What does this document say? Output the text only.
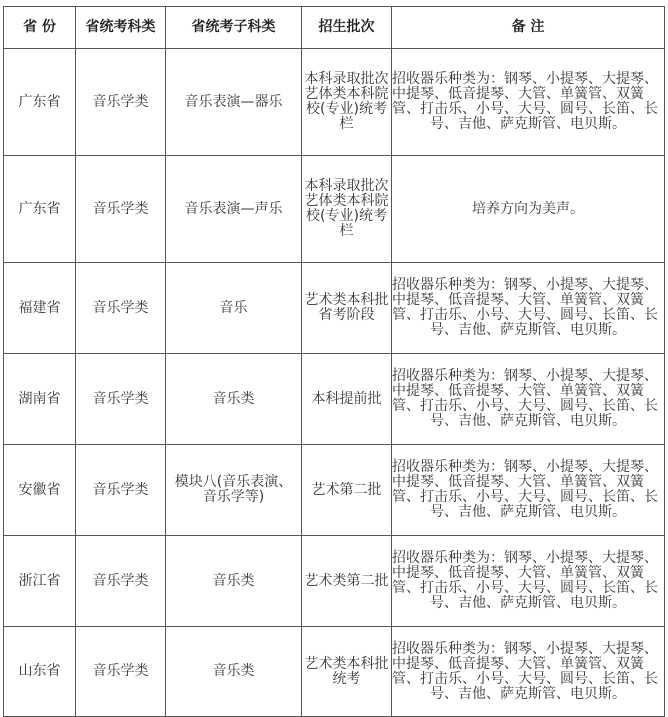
省 份	省统考科类	省统考子科类	招生批次	备 注
广东省	音乐学类	音乐表演—器乐	本科录取批次艺体类本科院校(专业)统考栏	招收器乐种类为：钢琴、小提琴、大提琴、中提琴、低音提琴、大管、单簧管、双簧管、打击乐、小号、大号、圆号、长笛、长号、吉他、萨克斯管、电贝斯。

广东省	音乐学类	音乐表演—声乐	本科录取批次艺体类本科院校(专业)统考栏	培养方向为美声。
福建省	音乐学类	音乐	艺术类本科批省考阶段	招收器乐种类为：钢琴、小提琴、大提琴、中提琴、低音提琴、大管、单簧管、双簧管、打击乐、小号、大号、圆号、长笛、长号、吉他、萨克斯管、电贝斯。

湖南省	音乐学类	音乐类	本科提前批	招收器乐种类为：钢琴、小提琴、大提琴、中提琴、低音提琴、大管、单簧管、双簧管、打击乐、小号、大号、圆号、长笛、长号、吉他、萨克斯管、电贝斯。

安徽省	音乐学类	模块八(音乐表演、音乐学等)	艺术第二批	招收器乐种类为：钢琴、小提琴、大提琴、中提琴、低音提琴、大管、单簧管、双簧管、打击乐、小号、大号、圆号、长笛、长号、吉他、萨克斯管、电贝斯。

浙江省	音乐学类	音乐类	艺术类第二批	招收器乐种类为：钢琴、小提琴、大提琴、中提琴、低音提琴、大管、单簧管、双簧管、打击乐、小号、大号、圆号、长笛、长号、吉他、萨克斯管、电贝斯。

山东省	音乐学类	音乐类	艺术类本科批统考	招收器乐种类为：钢琴、小提琴、大提琴、中提琴、低音提琴、大管、单簧管、双簧管、打击乐、小号、大号、圆号、长笛、长号、吉他、萨克斯管、电贝斯。
